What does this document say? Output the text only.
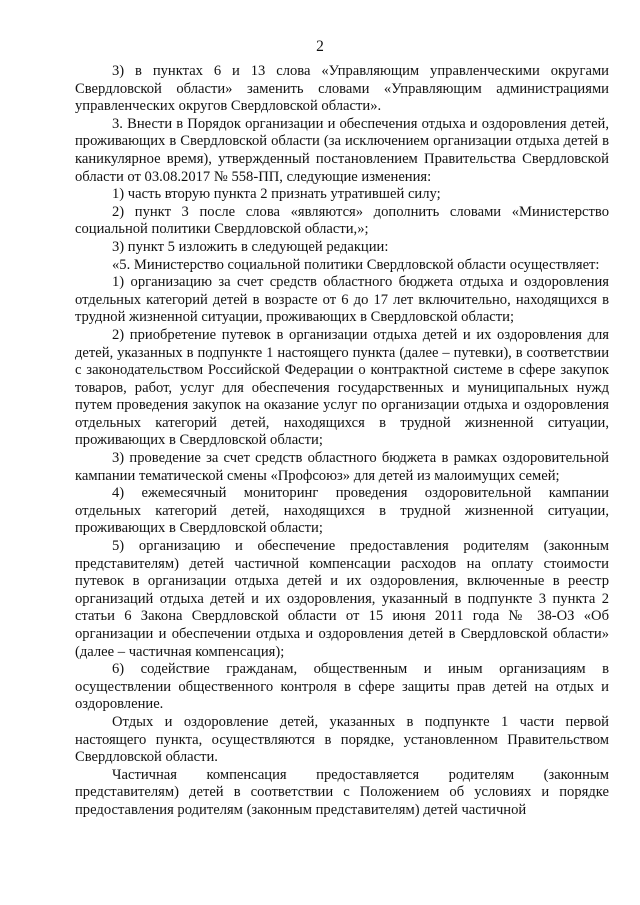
2

3) в пунктах 6 и 13 слова «Управляющим управленческими округами Свердловской области» заменить словами «Управляющим администрациями управленческих округов Свердловской области».

3. Внести в Порядок организации и обеспечения отдыха и оздоровления детей, проживающих в Свердловской области (за исключением организации отдыха детей в каникулярное время), утвержденный постановлением Правительства Свердловской области от 03.08.2017 № 558-ПП, следующие изменения:

1) часть вторую пункта 2 признать утратившей силу;

2) пункт 3 после слова «являются» дополнить словами «Министерство социальной политики Свердловской области,»;

3) пункт 5 изложить в следующей редакции:

«5. Министерство социальной политики Свердловской области осуществляет:

1) организацию за счет средств областного бюджета отдыха и оздоровления отдельных категорий детей в возрасте от 6 до 17 лет включительно, находящихся в трудной жизненной ситуации, проживающих в Свердловской области;

2) приобретение путевок в организации отдыха детей и их оздоровления для детей, указанных в подпункте 1 настоящего пункта (далее – путевки), в соответствии с законодательством Российской Федерации о контрактной системе в сфере закупок товаров, работ, услуг для обеспечения государственных и муниципальных нужд путем проведения закупок на оказание услуг по организации отдыха и оздоровления отдельных категорий детей, находящихся в трудной жизненной ситуации, проживающих в Свердловской области;

3) проведение за счет средств областного бюджета в рамках оздоровительной кампании тематической смены «Профсоюз» для детей из малоимущих семей;

4) ежемесячный мониторинг проведения оздоровительной кампании отдельных категорий детей, находящихся в трудной жизненной ситуации, проживающих в Свердловской области;

5) организацию и обеспечение предоставления родителям (законным представителям) детей частичной компенсации расходов на оплату стоимости путевок в организации отдыха детей и их оздоровления, включенные в реестр организаций отдыха детей и их оздоровления, указанный в подпункте 3 пункта 2 статьи 6 Закона Свердловской области от 15 июня 2011 года № 38-ОЗ «Об организации и обеспечении отдыха и оздоровления детей в Свердловской области» (далее – частичная компенсация);

6) содействие гражданам, общественным и иным организациям в осуществлении общественного контроля в сфере защиты прав детей на отдых и оздоровление.

Отдых и оздоровление детей, указанных в подпункте 1 части первой настоящего пункта, осуществляются в порядке, установленном Правительством Свердловской области.

Частичная компенсация предоставляется родителям (законным представителям) детей в соответствии с Положением об условиях и порядке предоставления родителям (законным представителям) детей частичной
